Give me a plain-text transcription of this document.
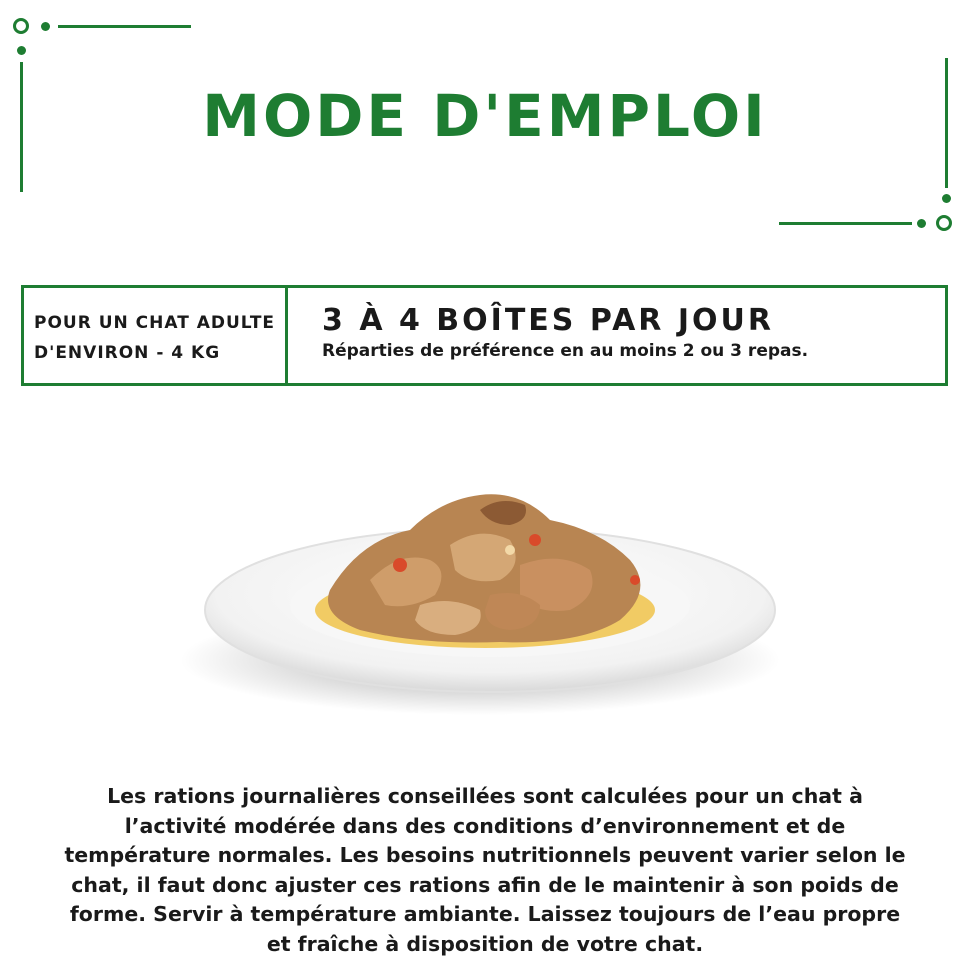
MODE D'EMPLOI
POUR UN CHAT ADULTE
D'ENVIRON - 4 KG
3 À 4 BOÎTES PAR JOUR
Réparties de préférence en au moins 2 ou 3 repas.
Les rations journalières conseillées sont calculées pour un chat à l’activité modérée dans des conditions d’environnement et de température normales. Les besoins nutritionnels peuvent varier selon le chat, il faut donc ajuster ces rations afin de le maintenir à son poids de forme. Servir à température ambiante. Laissez toujours de l’eau propre et fraîche à disposition de votre chat.
